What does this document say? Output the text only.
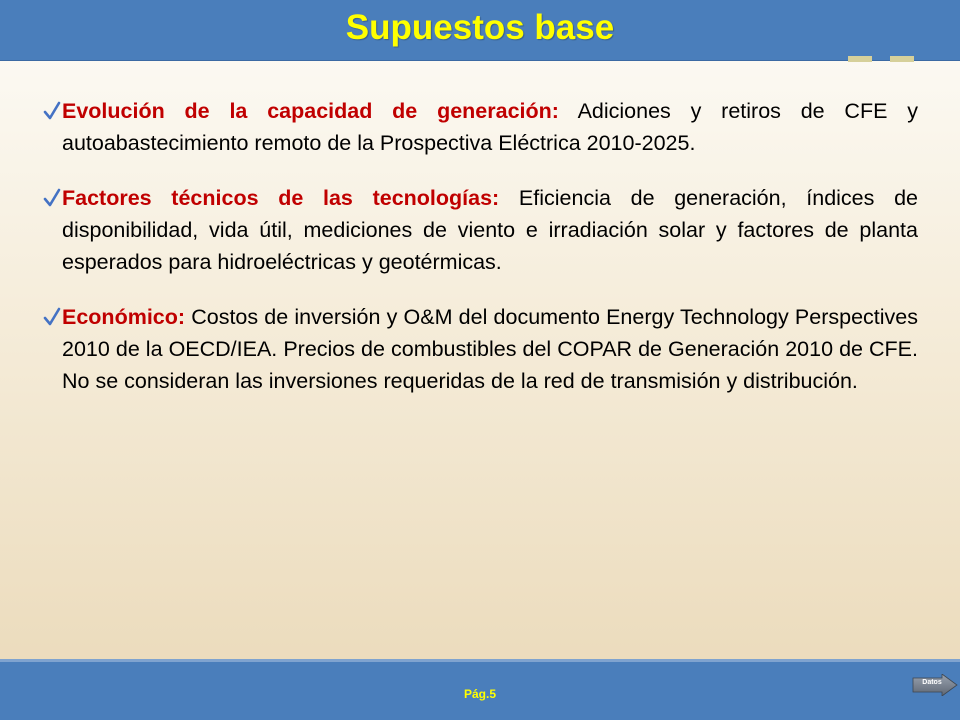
Supuestos base
Evolución de la capacidad de generación: Adiciones y retiros de CFE y autoabastecimiento remoto de la Prospectiva Eléctrica 2010-2025.
Factores técnicos de las tecnologías: Eficiencia de generación, índices de disponibilidad, vida útil, mediciones de viento e irradiación solar y factores de planta esperados para hidroeléctricas y geotérmicas.
Económico: Costos de inversión y O&M del documento Energy Technology Perspectives 2010 de la OECD/IEA. Precios de combustibles del COPAR de Generación 2010 de CFE. No se consideran las inversiones requeridas de la red de transmisión y distribución.
Pág.5
Datos
